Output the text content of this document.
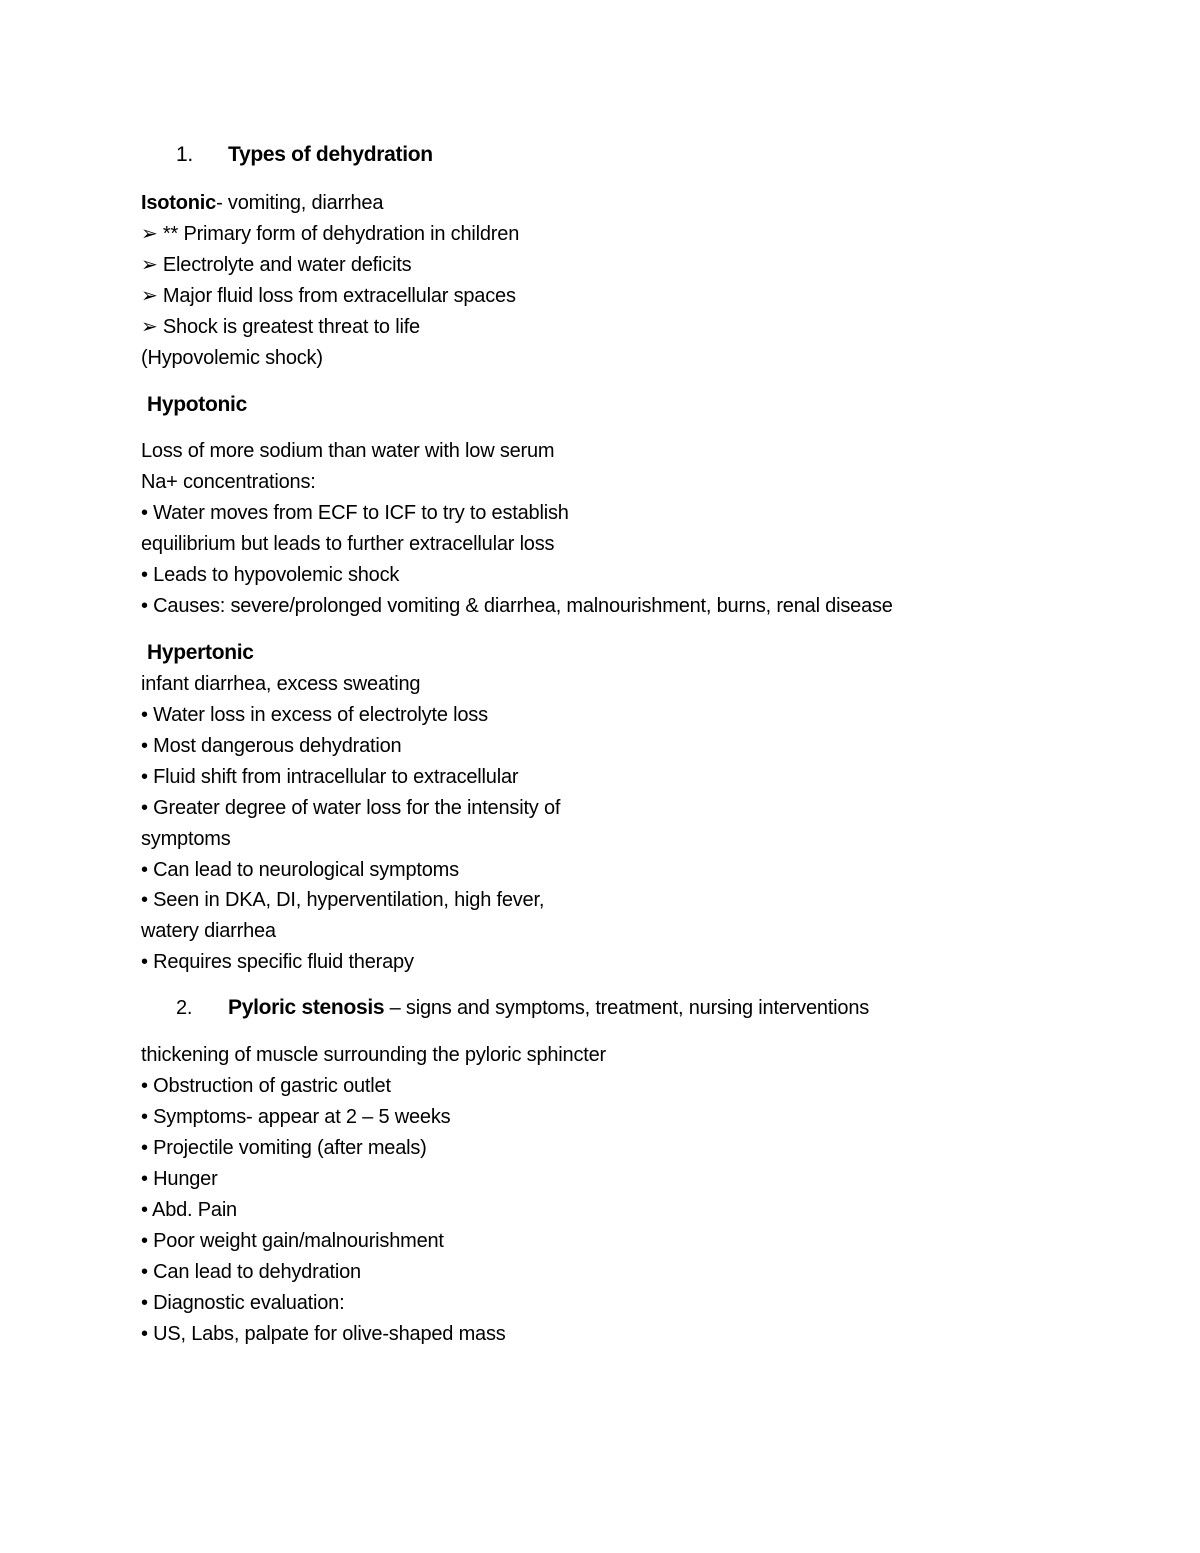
1. Types of dehydration
Isotonic- vomiting, diarrhea
➢ ** Primary form of dehydration in children
➢ Electrolyte and water deficits
➢ Major fluid loss from extracellular spaces
➢ Shock is greatest threat to life
(Hypovolemic shock)
Hypotonic
Loss of more sodium than water with low serum
Na+ concentrations:
• Water moves from ECF to ICF to try to establish
equilibrium but leads to further extracellular loss
• Leads to hypovolemic shock
• Causes: severe/prolonged vomiting & diarrhea, malnourishment, burns, renal disease
Hypertonic
infant diarrhea, excess sweating
• Water loss in excess of electrolyte loss
• Most dangerous dehydration
• Fluid shift from intracellular to extracellular
• Greater degree of water loss for the intensity of
symptoms
• Can lead to neurological symptoms
• Seen in DKA, DI, hyperventilation, high fever,
watery diarrhea
• Requires specific fluid therapy
2. Pyloric stenosis – signs and symptoms, treatment, nursing interventions
thickening of muscle surrounding the pyloric sphincter
• Obstruction of gastric outlet
• Symptoms- appear at 2 – 5 weeks
• Projectile vomiting (after meals)
• Hunger
• Abd. Pain
• Poor weight gain/malnourishment
• Can lead to dehydration
• Diagnostic evaluation:
• US, Labs, palpate for olive-shaped mass
